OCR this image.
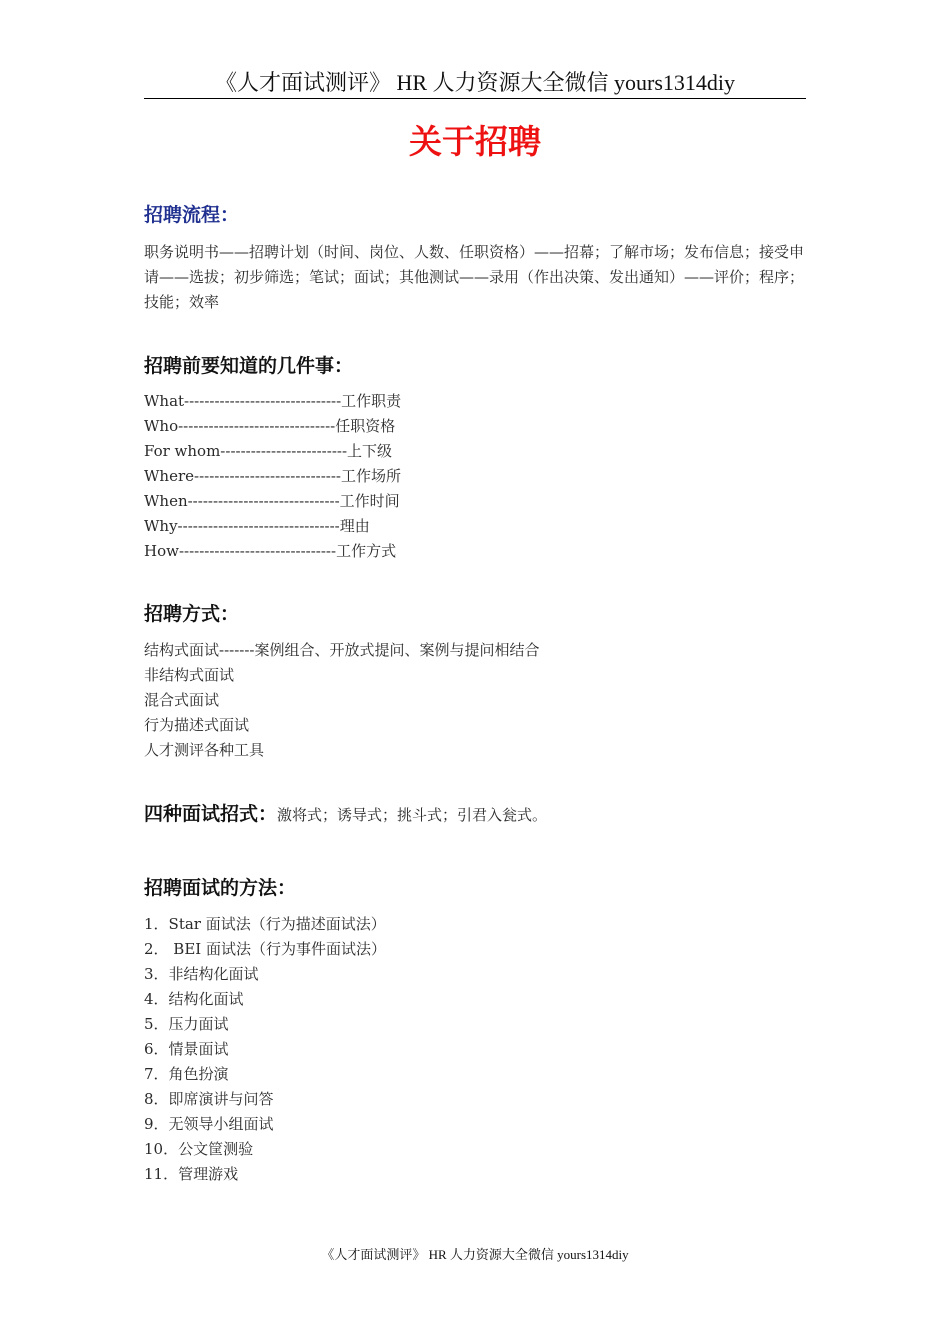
《人才面试测评》 HR 人力资源大全微信 yours1314diy
关于招聘
招聘流程：
职务说明书——招聘计划（时间、岗位、人数、任职资格）——招幕；了解市场；发布信息；接受申请——选拔；初步筛选；笔试；面试；其他测试——录用（作出决策、发出通知）——评价；程序；技能；效率
招聘前要知道的几件事：
What-------------------------------工作职责
Who-------------------------------任职资格
For whom-------------------------上下级
Where-----------------------------工作场所
When------------------------------工作时间
Why--------------------------------理由
How-------------------------------工作方式
招聘方式：
结构式面试-------案例组合、开放式提问、案例与提问相结合
非结构式面试
混合式面试
行为描述式面试
人才测评各种工具
四种面试招式：激将式；诱导式；挑斗式；引君入瓮式。
招聘面试的方法：
1．Star 面试法（行为描述面试法）
2． BEI 面试法（行为事件面试法）
3．非结构化面试
4．结构化面试
5．压力面试
6．情景面试
7．角色扮演
8．即席演讲与问答
9．无领导小组面试
10．公文筐测验
11．管理游戏
《人才面试测评》 HR 人力资源大全微信 yours1314diy
